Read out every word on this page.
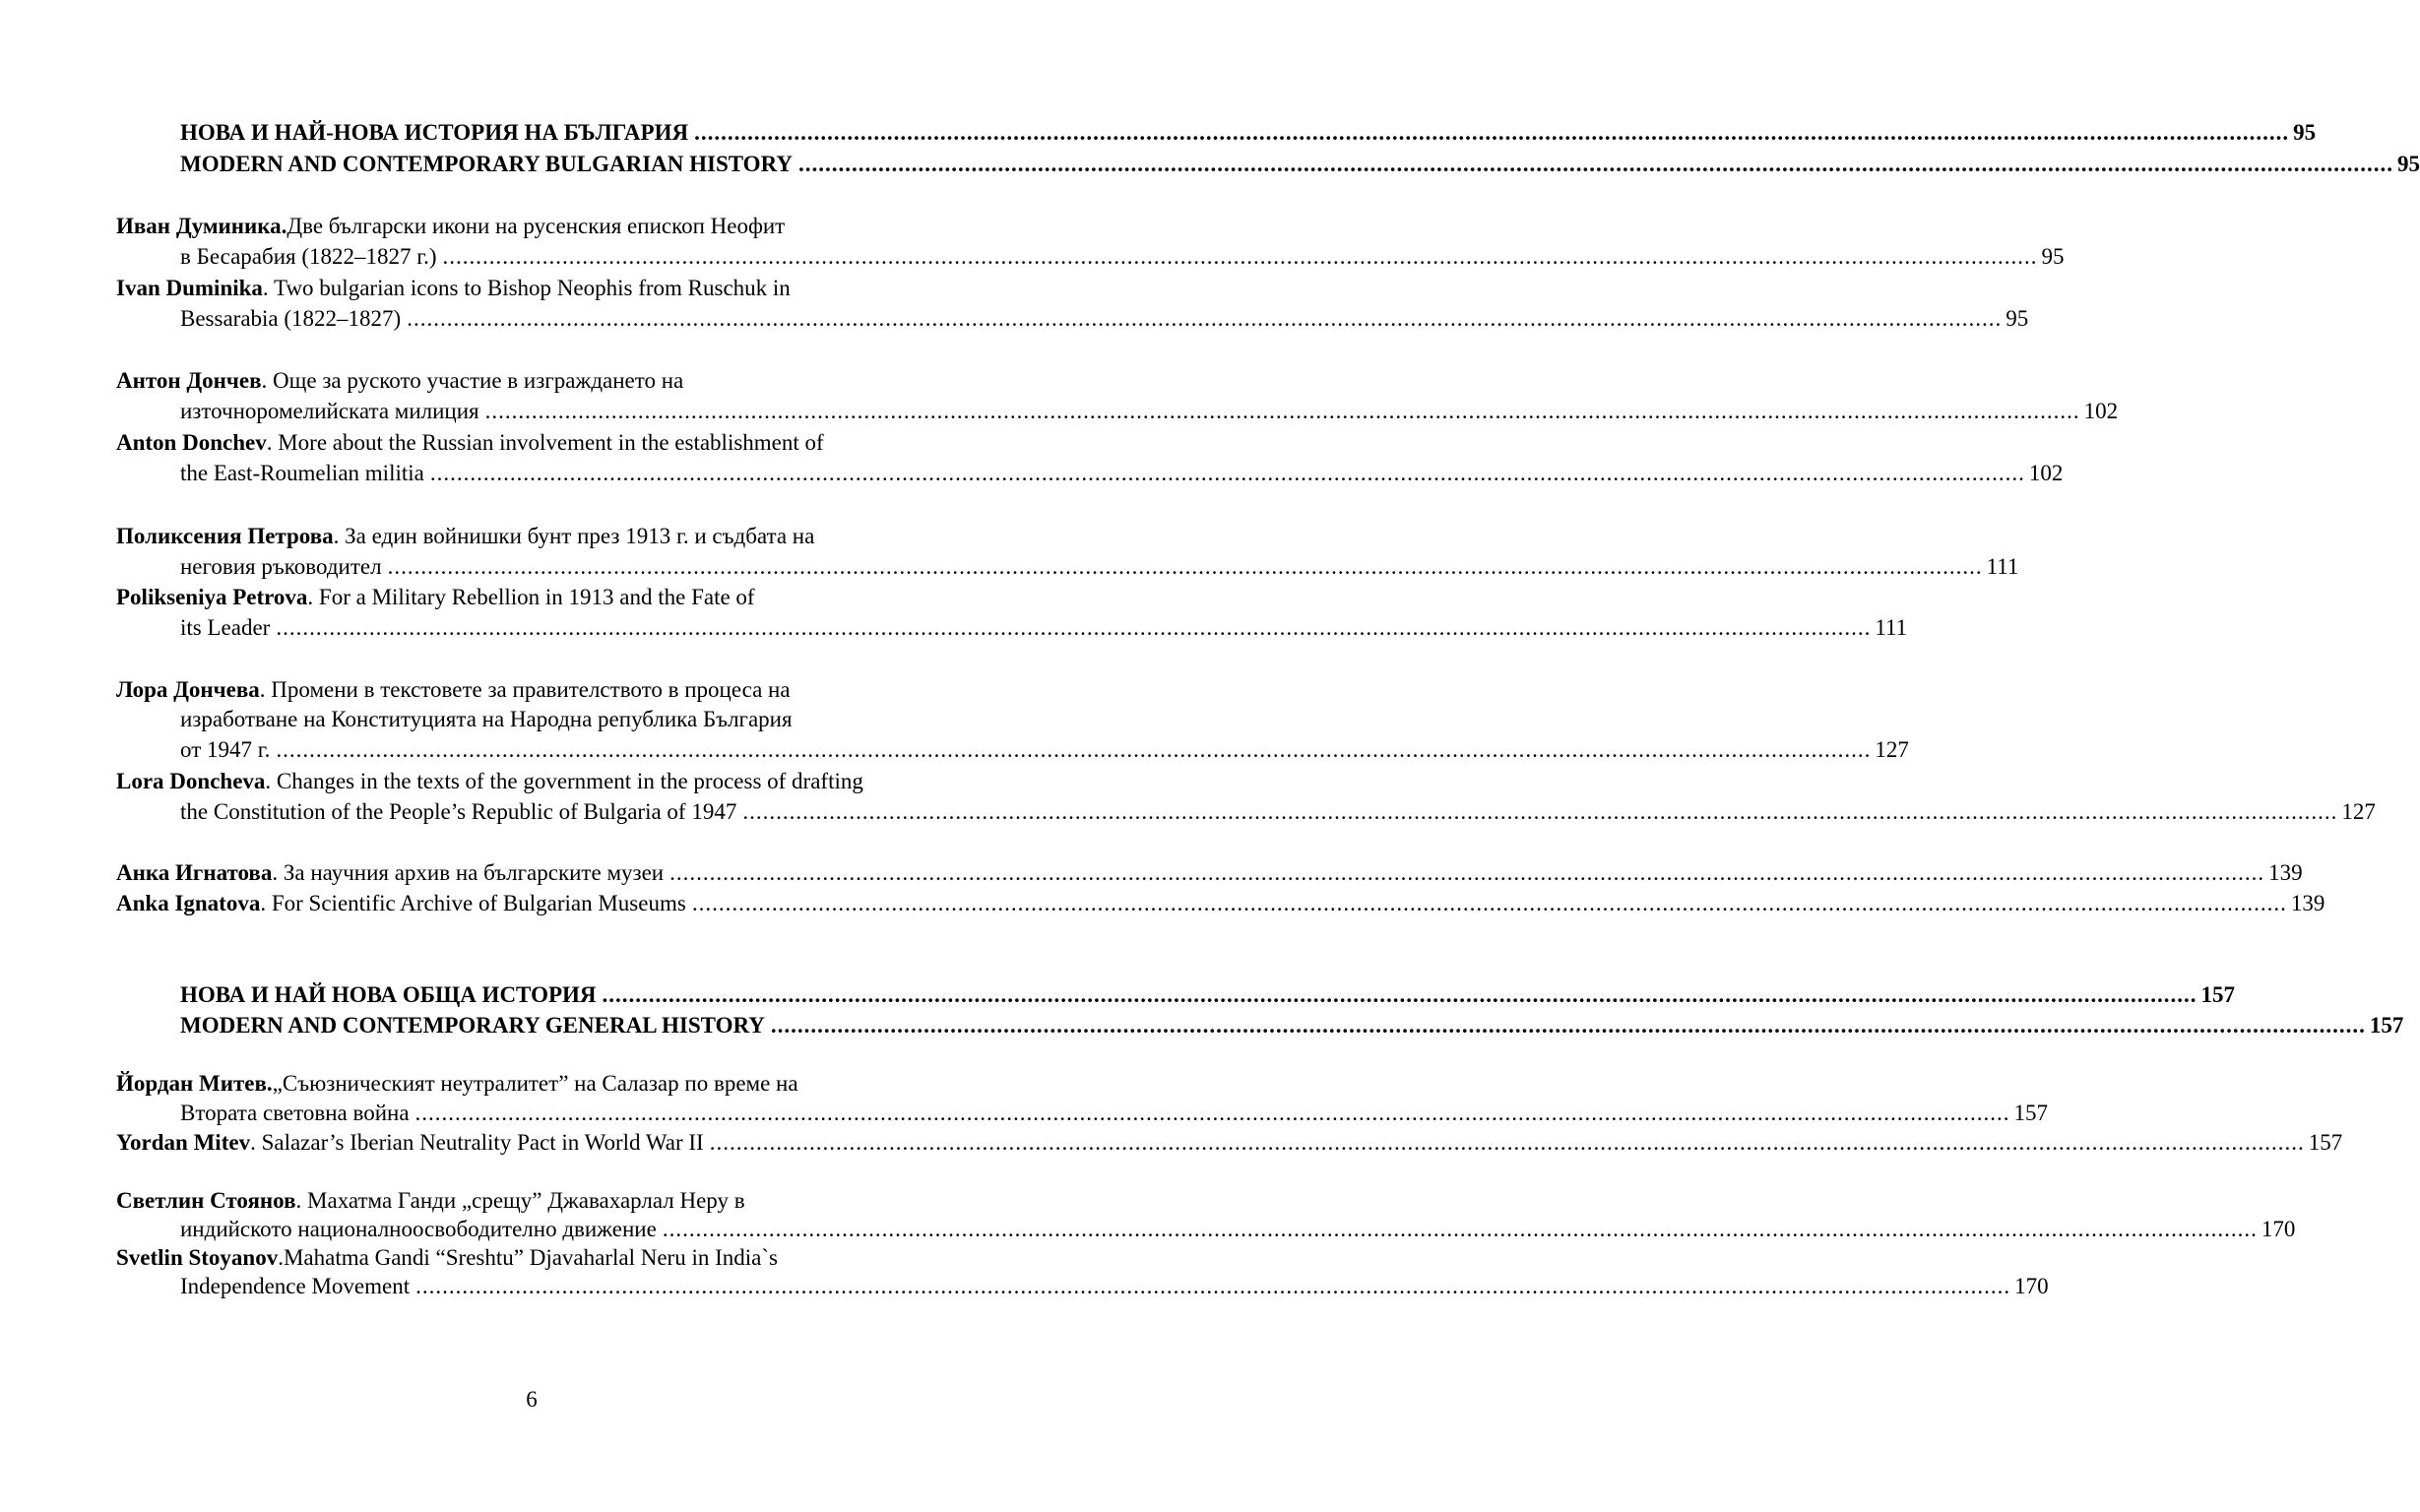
НОВА И НАЙ-НОВА ИСТОРИЯ НА БЪЛГАРИЯ ................................................................................................................................................................................................................................................ 95
MODERN AND CONTEMPORARY BULGARIAN HISTORY ................................................................................................................................................................................................................................................ 95
Иван Думиника. Две български икони на русенския епископ Неофит
в Бесарабия (1822–1827 г.) ................................................................................................................................................................................................................................................ 95
Ivan Duminika . Two bulgarian icons to Bishop Neophis from Ruschuk in
Bessarabia (1822–1827) ................................................................................................................................................................................................................................................ 95
Антон Дончев . Още за руското участие в изграждането на
източноромелийската милиция ................................................................................................................................................................................................................................................ 102
Anton Donchev . More about the Russian involvement in the establishment of
the East-Roumelian militia ................................................................................................................................................................................................................................................ 102
Поликсения Петрова . За един войнишки бунт през 1913 г. и съдбата на
неговия ръководител ................................................................................................................................................................................................................................................ 111
Polikseniya Petrova . For a Military Rebellion in 1913 and the Fate of
its Leader ................................................................................................................................................................................................................................................ 111
Лора Дончева . Промени в текстовете за правителството в процеса на
изработване на Конституцията на Народна република България
от 1947 г. ................................................................................................................................................................................................................................................ 127
Lora Doncheva . Changes in the texts of the government in the process of drafting
the Constitution of the People’s Republic of Bulgaria of 1947 ................................................................................................................................................................................................................................................ 127
Анка Игнатова . За научния архив на българските музеи ................................................................................................................................................................................................................................................ 139
Anka Ignatova . For Scientific Archive of Bulgarian Museums ................................................................................................................................................................................................................................................ 139
НОВА И НАЙ НОВА ОБЩА ИСТОРИЯ ................................................................................................................................................................................................................................................ 157
MODERN AND CONTEMPORARY GENERAL HISTORY ................................................................................................................................................................................................................................................ 157
Йордан Митев. „Съюзническият неутралитет” на Салазар по време на
Втората световна война ................................................................................................................................................................................................................................................ 157
Yordan Mitev . Salazar’s Iberian Neutrality Pact in World War II ................................................................................................................................................................................................................................................ 157
Светлин Стоянов . Махатма Ганди „срещу” Джавахарлал Неру в
индийското националноосвободително движение ................................................................................................................................................................................................................................................ 170
Svetlin Stoyanov .Mahatma Gandi “Sreshtu” Djavaharlal Neru in India`s
Independence Movement ................................................................................................................................................................................................................................................ 170
6
